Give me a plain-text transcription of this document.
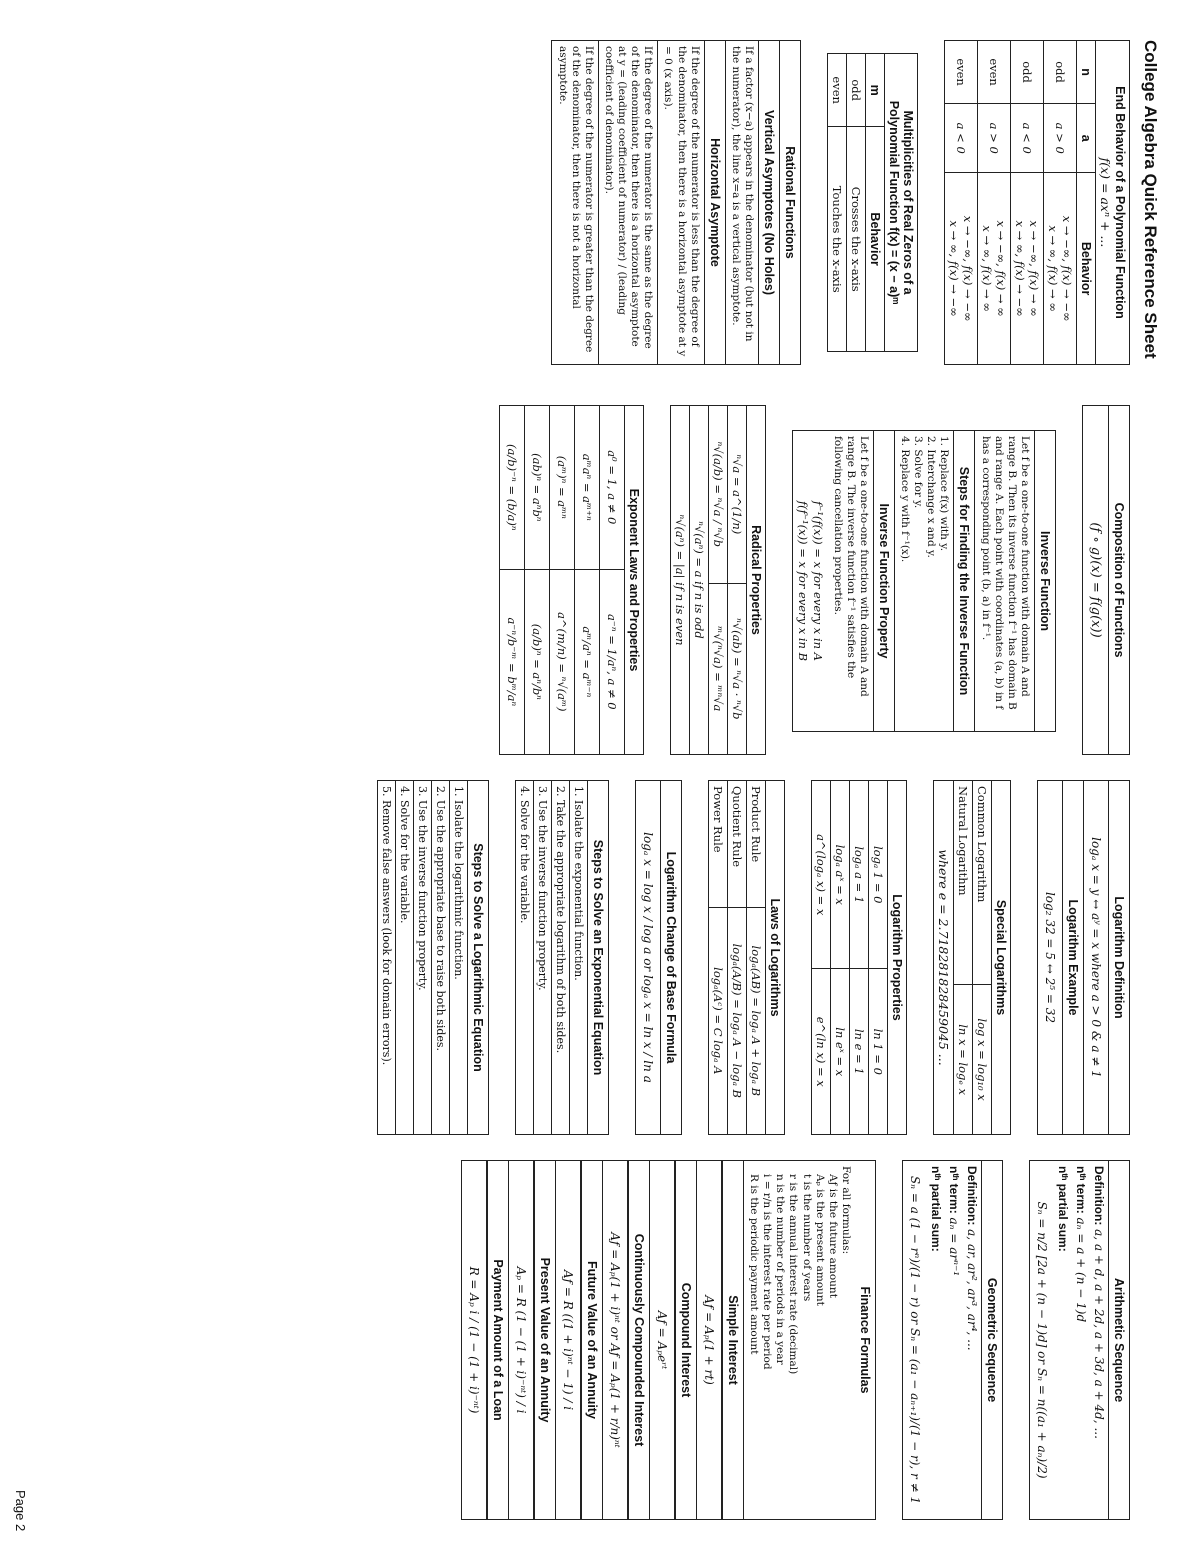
College Algebra Quick Reference Sheet
End Behavior of a Polynomial Function
f(x) = axⁿ + ...		

n	a	Behavior
odd	a > 0	x → −∞, f(x) → −∞
x → ∞, f(x) → ∞

odd	a < 0	x → −∞, f(x) → ∞
x → ∞, f(x) → −∞

even	a > 0	x → −∞, f(x) → ∞
x → ∞, f(x) → ∞

even	a < 0	x → −∞, f(x) → −∞
x → ∞, f(x) → −∞
Multiplicities of Real Zeros of a
Polynomial Function f(x) = (x − a)ᵐ	

m	Behavior
odd	Crosses the x-axis
even	Touches the x-axis
Rational Functions
Vertical Asymptotes (No Holes)
If a factor (x−a) appears in the denominator (but not in the numerator), the line x=a is a vertical asymptote.
Horizontal Asymptote
If the degree of the numerator is less than the degree of the denominator, then there is a horizontal asymptote at y = 0 (x axis).
If the degree of the numerator is the same as the degree of the denominator, then there is a horizontal asymptote at y = (leading coefficient of numerator) / (leading coefficient of denominator).
If the degree of the numerator is greater than the degree of the denominator, then there is not a horizontal asymptote.
Composition of Functions
(f ∘ g)(x) = f(g(x))
Inverse Function
Let f be a one-to-one function with domain A and range B. Then its inverse function f⁻¹ has domain B and range A. Each point with coordinates (a, b) in f has a corresponding point (b, a) in f⁻¹.
Steps for Finding the Inverse Function
1. Replace f(x) with y.
2. Interchange x and y.
3. Solve for y.
4. Replace y with f⁻¹(x).
Inverse Function Property
Let f be a one-to-one function with domain A and range B. The inverse function f⁻¹ satisfies the following cancellation properties.
f⁻¹(f(x)) = x for every x in A
f(f⁻¹(x)) = x for every x in B
Radical Properties	
ⁿ√a = a^(1/n)	ⁿ√(ab) = ⁿ√a · ⁿ√b
ⁿ√(a/b) = ⁿ√a / ⁿ√b	ᵐ√(ⁿ√a) = ᵐⁿ√a
ⁿ√(aⁿ) = a if n is odd	
ⁿ√(aⁿ) = |a| if n is even	
Exponent Laws and Properties	
a⁰ = 1, a ≠ 0	a⁻ⁿ = 1/aⁿ, a ≠ 0
aᵐaⁿ = aᵐ⁺ⁿ	aᵐ/aⁿ = aᵐ⁻ⁿ
(aᵐ)ⁿ = aᵐⁿ	a^(m/n) = ⁿ√(aᵐ)
(ab)ⁿ = aⁿbⁿ	(a/b)ⁿ = aⁿ/bⁿ
(a/b)⁻ⁿ = (b/a)ⁿ	a⁻ⁿ/b⁻ᵐ = bᵐ/aⁿ
Logarithm Definition
logₐ x = y ↔ aʸ = x where a > 0 & a ≠ 1
Logarithm Example
log₂ 32 = 5 ↔ 2⁵ = 32
Special Logarithms	
Common Logarithm	log x = log₁₀ x
Natural Logarithm	ln x = logₑ x
where e = 2.718281828459045 ...	
Logarithm Properties	
logₐ 1 = 0	ln 1 = 0
logₐ a = 1	ln e = 1
logₐ aˣ = x	ln eˣ = x
a^(logₐ x) = x	e^(ln x) = x
Laws of Logarithms	
Product Rule	logₐ(AB) = logₐ A + logₐ B
Quotient Rule	logₐ(A/B) = logₐ A − logₐ B
Power Rule	logₐ(Aᶜ) = C logₐ A
Logarithm Change of Base Formula
logₐ x = log x / log a or logₐ x = ln x / ln a
Steps to Solve an Exponential Equation
1. Isolate the exponential function.
2. Take the appropriate logarithm of both sides.
3. Use the inverse function property.
4. Solve for the variable.
Steps to Solve a Logarithmic Equation
1. Isolate the logarithmic function.
2. Use the appropriate base to raise both sides.
3. Use the inverse function property.
4. Solve for the variable.
5. Remove false answers (look for domain errors).
Arithmetic Sequence
Definition: a, a + d, a + 2d, a + 3d, a + 4d, ...
nᵗʰ term: aₙ = a + (n − 1)d
nᵗʰ partial sum:
Sₙ = n/2 [2a + (n − 1)d] or Sₙ = n((a₁ + aₙ)/2)
Geometric Sequence
Definition: a, ar, ar², ar³, ar⁴, ...
nᵗʰ term: aₙ = arⁿ⁻¹
nᵗʰ partial sum:
Sₙ = a (1 − rⁿ)/(1 − r) or Sₙ = (a₁ − aₙ₊₁)/(1 − r), r ≠ 1
Finance Formulas
For all formulas:
Aƒ is the future amount
Aₚ is the present amount
t is the number of years
r is the annual interest rate (decimal)
n is the number of periods in a year
i = r/n is the interest rate per period
R is the periodic payment amount
Simple Interest
Aƒ = Aₚ(1 + rt)
Compound Interest
Aƒ = Aₚeʳᵗ
Continuously Compounded Interest
Aƒ = Aₚ(1 + i)ⁿᵗ or Aƒ = Aₚ(1 + r/n)ⁿᵗ
Future Value of an Annuity
Aƒ = R ((1 + i)ⁿᵗ − 1) / i
Present Value of an Annuity
Aₚ = R (1 − (1 + i)⁻ⁿᵗ) / i
Payment Amount of a Loan
R = Aₚ i / (1 − (1 + i)⁻ⁿᵗ)
Page 2
